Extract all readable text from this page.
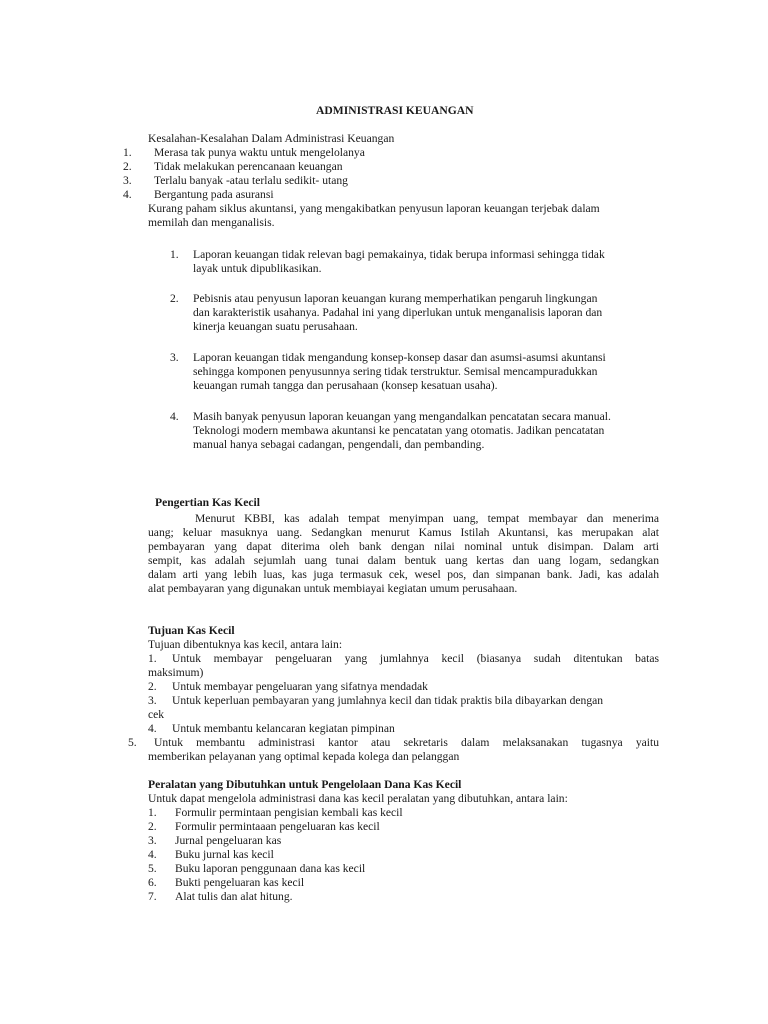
ADMINISTRASI KEUANGAN
Kesalahan-Kesalahan Dalam Administrasi Keuangan
1. Merasa tak punya waktu untuk mengelolanya
2. Tidak melakukan perencanaan keuangan
3. Terlalu banyak -atau terlalu sedikit- utang
4. Bergantung pada asuransi
Kurang paham siklus akuntansi, yang mengakibatkan penyusun laporan keuangan terjebak dalam
memilah dan menganalisis.
1. Laporan keuangan tidak relevan bagi pemakainya, tidak berupa informasi sehingga tidak
layak untuk dipublikasikan.
2. Pebisnis atau penyusun laporan keuangan kurang memperhatikan pengaruh lingkungan
dan karakteristik usahanya. Padahal ini yang diperlukan untuk menganalisis laporan dan
kinerja keuangan suatu perusahaan.
3. Laporan keuangan tidak mengandung konsep-konsep dasar dan asumsi-asumsi akuntansi
sehingga komponen penyusunnya sering tidak terstruktur. Semisal mencampuradukkan
keuangan rumah tangga dan perusahaan (konsep kesatuan usaha).
4. Masih banyak penyusun laporan keuangan yang mengandalkan pencatatan secara manual.
Teknologi modern membawa akuntansi ke pencatatan yang otomatis. Jadikan pencatatan
manual hanya sebagai cadangan, pengendali, dan pembanding.
Pengertian Kas Kecil
Menurut KBBI, kas adalah tempat menyimpan uang, tempat membayar dan menerima
uang; keluar masuknya uang. Sedangkan menurut Kamus Istilah Akuntansi, kas merupakan alat
pembayaran yang dapat diterima oleh bank dengan nilai nominal untuk disimpan. Dalam arti
sempit, kas adalah sejumlah uang tunai dalam bentuk uang kertas dan uang logam, sedangkan
dalam arti yang lebih luas, kas juga termasuk cek, wesel pos, dan simpanan bank. Jadi, kas adalah
alat pembayaran yang digunakan untuk membiayai kegiatan umum perusahaan.
Tujuan Kas Kecil
Tujuan dibentuknya kas kecil, antara lain:
1. Untuk membayar pengeluaran yang jumlahnya kecil (biasanya sudah ditentukan batas
maksimum)
2. Untuk membayar pengeluaran yang sifatnya mendadak
3. Untuk keperluan pembayaran yang jumlahnya kecil dan tidak praktis bila dibayarkan dengan
cek
4. Untuk membantu kelancaran kegiatan pimpinan
5. Untuk membantu administrasi kantor atau sekretaris dalam melaksanakan tugasnya yaitu
memberikan pelayanan yang optimal kepada kolega dan pelanggan
Peralatan yang Dibutuhkan untuk Pengelolaan Dana Kas Kecil
Untuk dapat mengelola administrasi dana kas kecil peralatan yang dibutuhkan, antara lain:
1. Formulir permintaan pengisian kembali kas kecil
2. Formulir permintaaan pengeluaran kas kecil
3. Jurnal pengeluaran kas
4. Buku jurnal kas kecil
5. Buku laporan penggunaan dana kas kecil
6. Bukti pengeluaran kas kecil
7. Alat tulis dan alat hitung.
